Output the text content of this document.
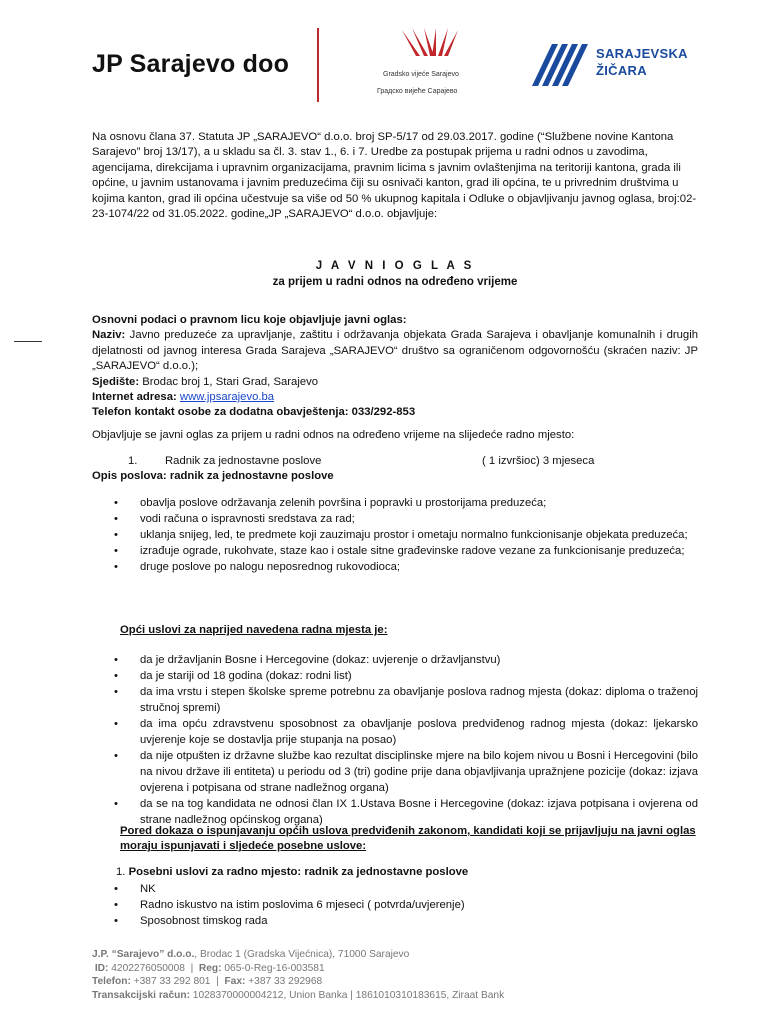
JP Sarajevo doo	Gradsko vijeće Sarajevo
Градско вијеће Сарајево
SARAJEVSKA
ŽIČARA
Na osnovu člana 37. Statuta JP „SARAJEVO“ d.o.o. broj SP-5/17 od 29.03.2017. godine (“Službene novine Kantona Sarajevo” broj 13/17), a u skladu sa čl. 3. stav 1., 6. i 7. Uredbe za postupak prijema u radni odnos u zavodima, agencijama, direkcijama i upravnim organizacijama, pravnim licima s javnim ovlaštenjima na teritoriji kantona, grada ili općine, u javnim ustanovama i javnim preduzećima čiji su osnivači kanton, grad ili općina, te u privrednim društvima u kojima kanton, grad ili općina učestvuje sa više od 50 % ukupnog kapitala i Odluke o objavljivanju javnog oglasa, broj:02-23-1074/22 od 31.05.2022. godine„JP „SARAJEVO“ d.o.o. objavljuje:
J A V N I O G L A S
za prijem u radni odnos na određeno vrijeme
Osnovni podaci o pravnom licu koje objavljuje javni oglas:
Naziv: Javno preduzeće za upravljanje, zaštitu i održavanja objekata Grada Sarajeva i obavljanje komunalnih i drugih djelatnosti od javnog interesa Grada Sarajeva „SARAJEVO“ društvo sa ograničenom odgovornošću (skraćen naziv: JP „SARAJEVO“ d.o.o.);
Sjedište: Brodac broj 1, Stari Grad, Sarajevo
Internet adresa: www.jpsarajevo.ba
Telefon kontakt osobe za dodatna obavještenja: 033/292-853
Objavljuje se javni oglas za prijem u radni odnos na određeno vrijeme na slijedeće radno mjesto:
1. Radnik za jednostavne poslove	( 1 izvršioc) 3 mjeseca
Opis poslova: radnik za jednostavne poslove
• obavlja poslove održavanja zelenih površina i popravki u prostorijama preduzeća;
• vodi računa o ispravnosti sredstava za rad;
• uklanja snijeg, led, te predmete koji zauzimaju prostor i ometaju normalno funkcionisanje objekata preduzeća;
• izrađuje ograde, rukohvate, staze kao i ostale sitne građevinske radove vezane za funkcionisanje preduzeća;
• druge poslove po nalogu neposrednog rukovodioca;
Opći uslovi za naprijed navedena radna mjesta je:
• da je državljanin Bosne i Hercegovine (dokaz: uvjerenje o državljanstvu)
• da je stariji od 18 godina (dokaz: rodni list)
• da ima vrstu i stepen školske spreme potrebnu za obavljanje poslova radnog mjesta (dokaz: diploma o traženoj stručnoj spremi)
• da ima opću zdravstvenu sposobnost za obavljanje poslova predviđenog radnog mjesta (dokaz: ljekarsko uvjerenje koje se dostavlja prije stupanja na posao)
• da nije otpušten iz državne službe kao rezultat disciplinske mjere na bilo kojem nivou u Bosni i Hercegovini (bilo na nivou države ili entiteta) u periodu od 3 (tri) godine prije dana objavljivanja upražnjene pozicije (dokaz: izjava ovjerena i potpisana od strane nadležnog organa)
• da se na tog kandidata ne odnosi član IX 1.Ustava Bosne i Hercegovine (dokaz: izjava potpisana i ovjerena od strane nadležnog općinskog organa)
Pored dokaza o ispunjavanju općih uslova predviđenih zakonom, kandidati koji se prijavljuju na javni oglas moraju ispunjavati i sljedeće posebne uslove:
1. Posebni uslovi za radno mjesto: radnik za jednostavne poslove
• NK
• Radno iskustvo na istim poslovima 6 mjeseci ( potvrda/uvjerenje)
• Sposobnost timskog rada
J.P. “Sarajevo” d.o.o., Brodac 1 (Gradska Vijećnica), 71000 Sarajevo
ID: 4202276050008  |  Reg: 065-0-Reg-16-003581
Telefon: +387 33 292 801  |  Fax: +387 33 292968
Transakcijski račun: 1028370000004212, Union Banka | 1861010310183615, Ziraat Bank
